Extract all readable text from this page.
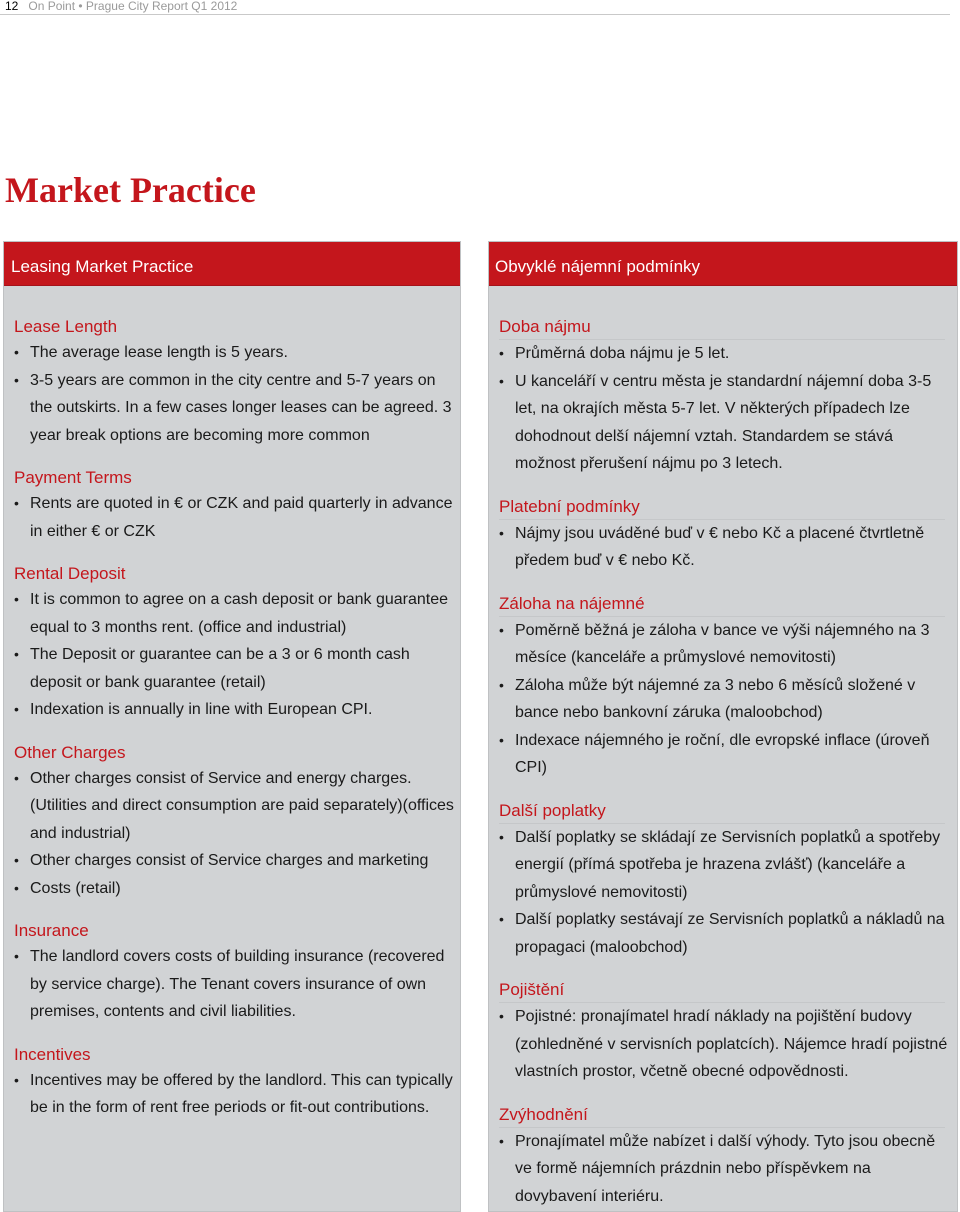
12 On Point • Prague City Report Q1 2012
Market Practice
Leasing Market Practice
Lease Length
• The average lease length is 5 years.
• 3-5 years are common in the city centre and 5-7 years on the outskirts. In a few cases longer leases can be agreed. 3 year break options are becoming more common
Payment Terms
• Rents are quoted in € or CZK and paid quarterly in advance in either € or CZK
Rental Deposit
• It is common to agree on a cash deposit or bank guarantee equal to 3 months rent. (office and industrial)
• The Deposit or guarantee can be a 3 or 6 month cash deposit or bank guarantee (retail)
• Indexation is annually in line with European CPI.
Other Charges
• Other charges consist of Service and energy charges. (Utilities and direct consumption are paid separately)(offices and industrial)
• Other charges consist of Service charges and marketing
• Costs (retail)
Insurance
• The landlord covers costs of building insurance (recovered by service charge). The Tenant covers insurance of own premises, contents and civil liabilities.
Incentives
• Incentives may be offered by the landlord. This can typically be in the form of rent free periods or fit-out contributions.
Obvyklé nájemní podmínky
Doba nájmu
• Průměrná doba nájmu je 5 let.
• U kanceláří v centru města je standardní nájemní doba 3-5 let, na okrajích města 5-7 let. V některých případech lze dohodnout delší nájemní vztah. Standardem se stává možnost přerušení nájmu po 3 letech.
Platební podmínky
• Nájmy jsou uváděné buď v € nebo Kč a placené čtvrtletně předem buď v € nebo Kč.
Záloha na nájemné
• Poměrně běžná je záloha v bance ve výši nájemného na 3 měsíce (kanceláře a průmyslové nemovitosti)
• Záloha může být nájemné za 3 nebo 6 měsíců složené v bance nebo bankovní záruka (maloobchod)
• Indexace nájemného je roční, dle evropské inflace (úroveň CPI)
Další poplatky
• Další poplatky se skládají ze Servisních poplatků a spotřeby energií (přímá spotřeba je hrazena zvlášť) (kanceláře a průmyslové nemovitosti)
• Další poplatky sestávají ze Servisních poplatků a nákladů na propagaci (maloobchod)
Pojištění
• Pojistné: pronajímatel hradí náklady na pojištění budovy (zohledněné v servisních poplatcích). Nájemce hradí pojistné vlastních prostor, včetně obecné odpovědnosti.
Zvýhodnění
• Pronajímatel může nabízet i další výhody. Tyto jsou obecně ve formě nájemních prázdnin nebo příspěvkem na dovybavení interiéru.
